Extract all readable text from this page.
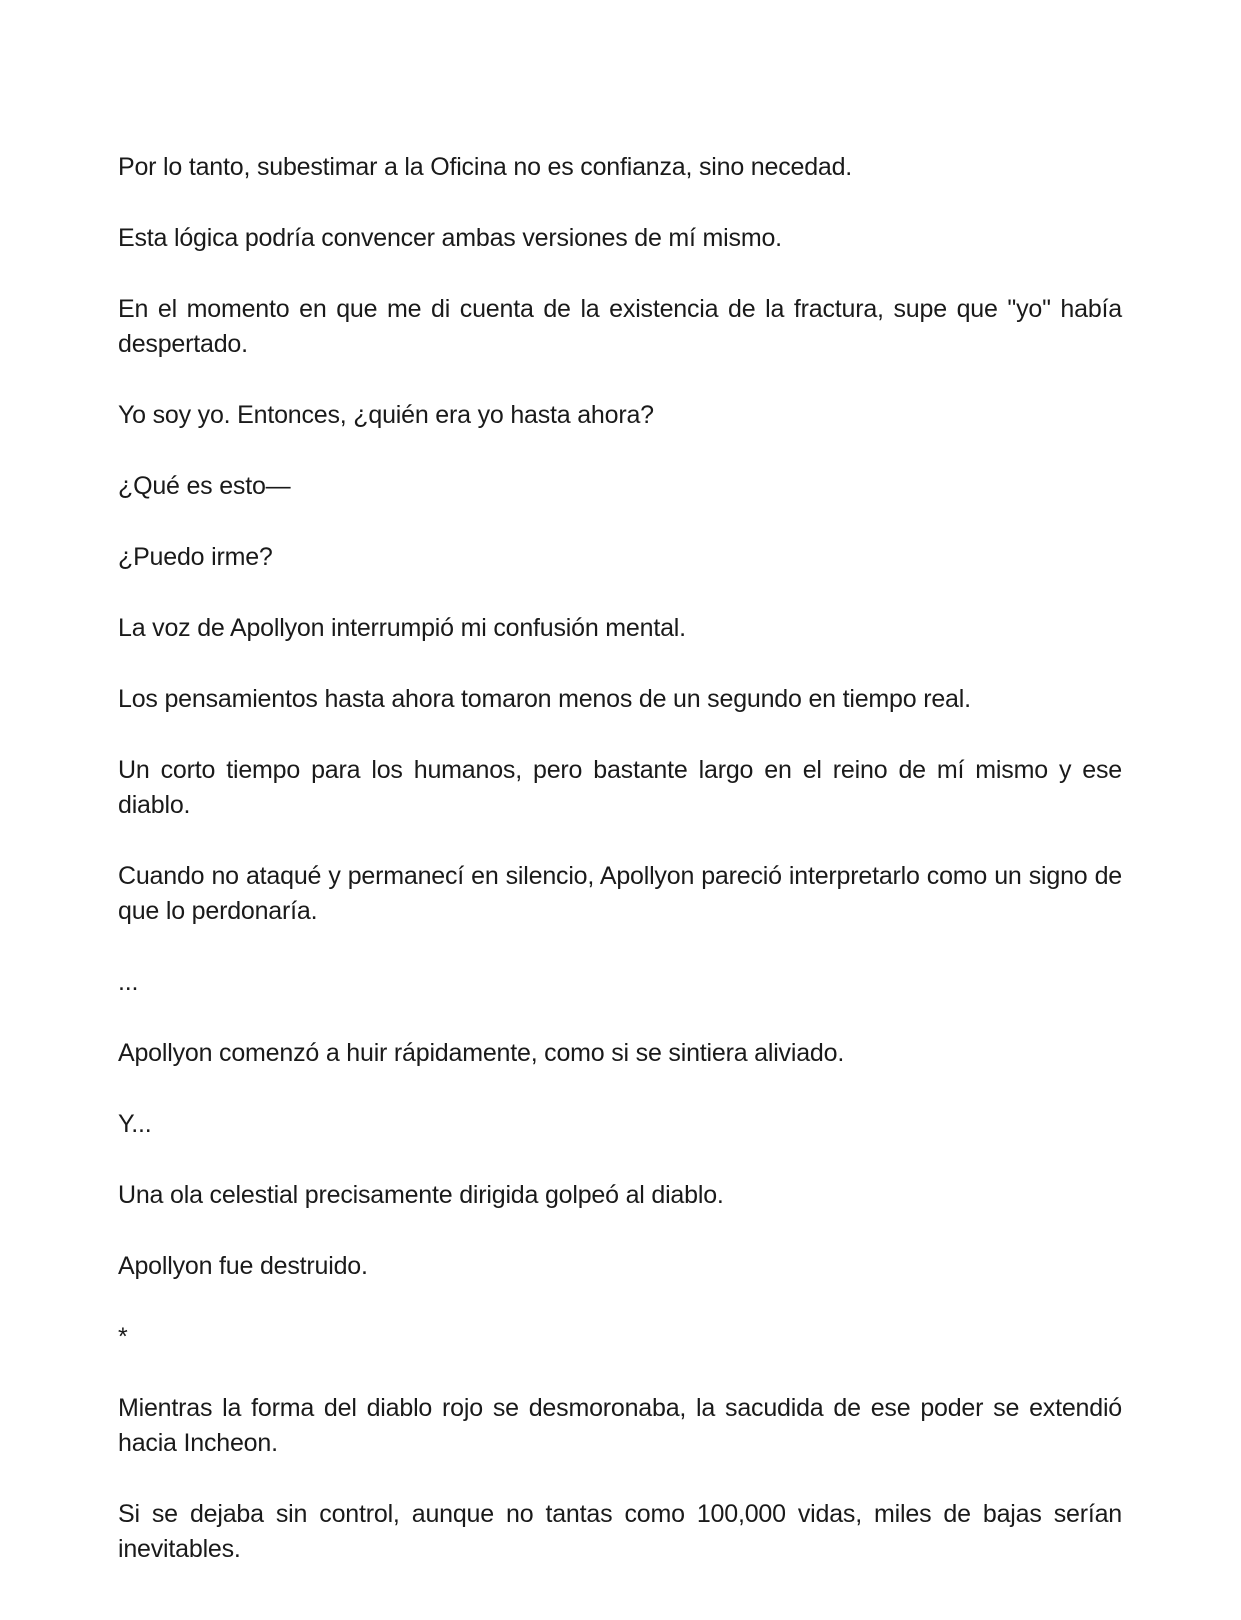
Por lo tanto, subestimar a la Oficina no es confianza, sino necedad.

Esta lógica podría convencer ambas versiones de mí mismo.

En el momento en que me di cuenta de la existencia de la fractura, supe que "yo" había despertado.

Yo soy yo. Entonces, ¿quién era yo hasta ahora?

¿Qué es esto—

¿Puedo irme?

La voz de Apollyon interrumpió mi confusión mental.

Los pensamientos hasta ahora tomaron menos de un segundo en tiempo real.

Un corto tiempo para los humanos, pero bastante largo en el reino de mí mismo y ese diablo.

Cuando no ataqué y permanecí en silencio, Apollyon pareció interpretarlo como un signo de que lo perdonaría.

...

Apollyon comenzó a huir rápidamente, como si se sintiera aliviado.

Y...

Una ola celestial precisamente dirigida golpeó al diablo.

Apollyon fue destruido.

*

Mientras la forma del diablo rojo se desmoronaba, la sacudida de ese poder se extendió hacia Incheon.

Si se dejaba sin control, aunque no tantas como 100,000 vidas, miles de bajas serían inevitables.
